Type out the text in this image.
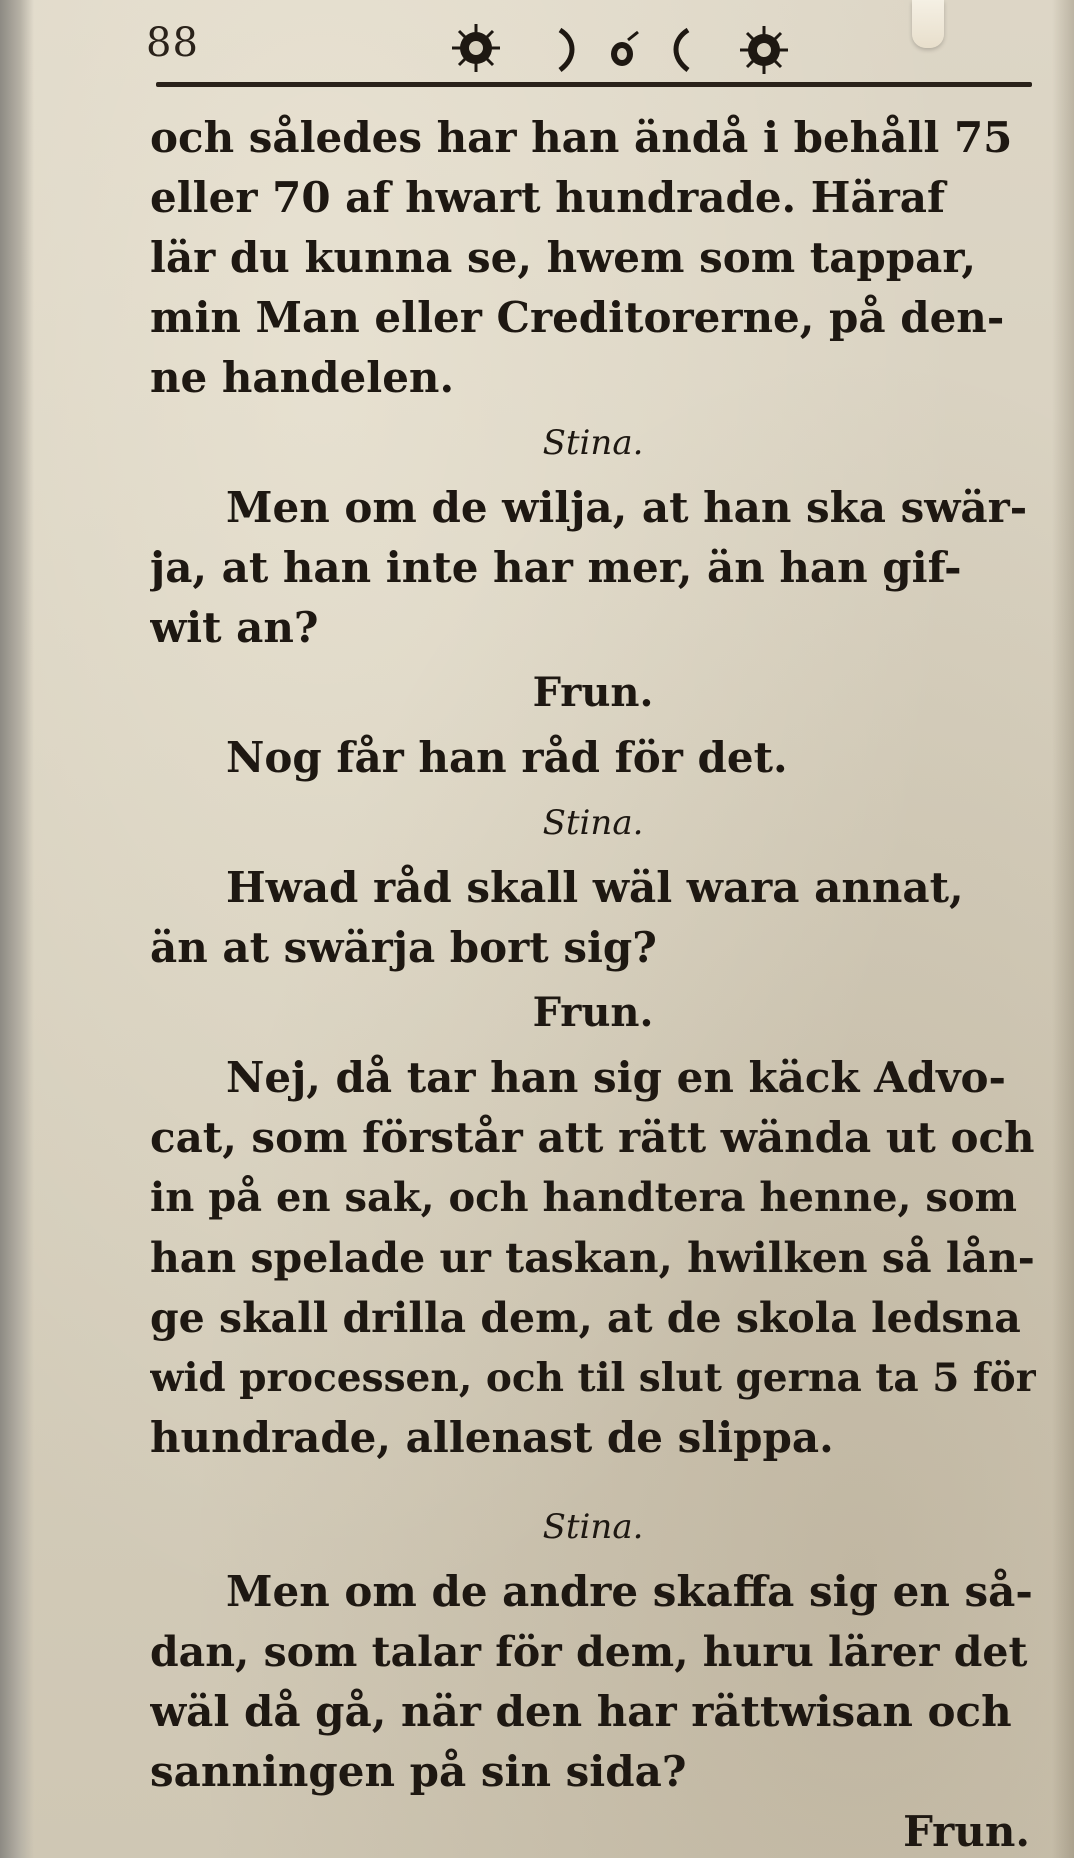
88
och således har han ändå i behåll 75
eller 70 af hwart hundrade. Häraf
lär du kunna se, hwem som tappar,
min Man eller Creditorerne, på den-
ne handelen.
Stina.
Men om de wilja, at han ska swär-
ja, at han inte har mer, än han gif-
wit an?
Frun.
Nog får han råd för det.
Stina.
Hwad råd skall wäl wara annat,
än at swärja bort sig?
Frun.
Nej, då tar han sig en käck Advo-
cat, som förstår att rätt wända ut och
in på en sak, och handtera henne, som
han spelade ur taskan, hwilken så lån-
ge skall drilla dem, at de skola ledsna
wid processen, och til slut gerna ta 5 för
hundrade, allenast de slippa.
Stina.
Men om de andre skaffa sig en så-
dan, som talar för dem, huru lärer det
wäl då gå, när den har rättwisan och
sanningen på sin sida?
Frun.
